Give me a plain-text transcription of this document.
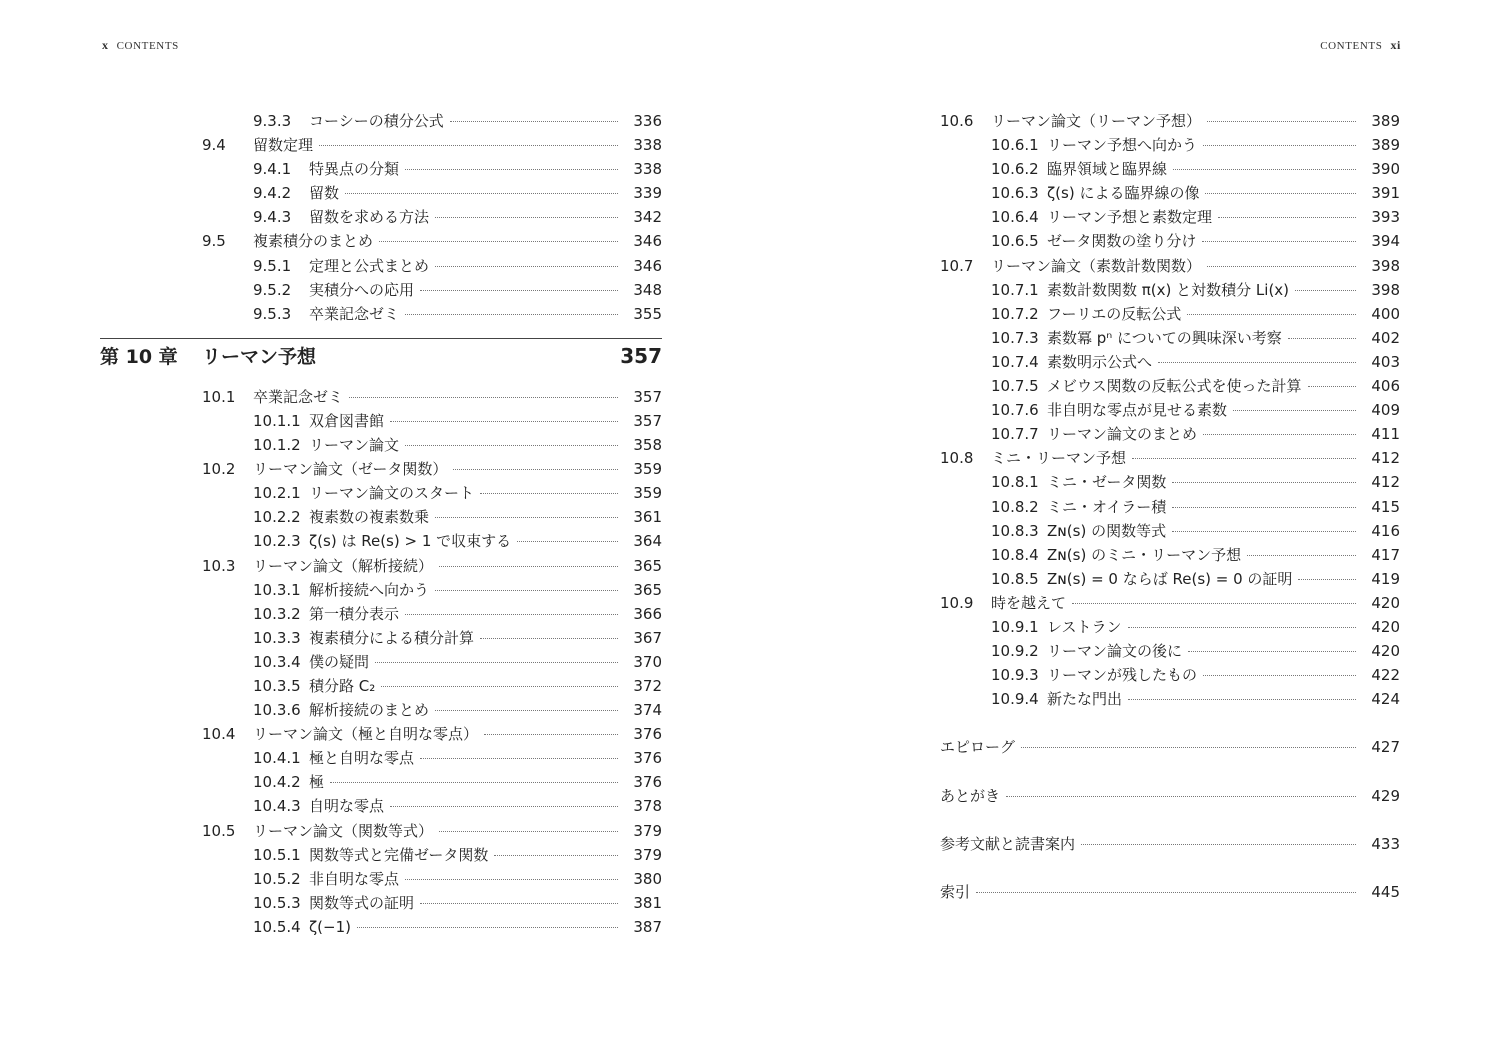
x CONTENTS	CONTENTS xi
9.3.3	コーシーの積分公式	336
9.4	留数定理	338
9.4.1	特異点の分類	338
9.4.2	留数	339
9.4.3	留数を求める方法	342
9.5	複素積分のまとめ	346
9.5.1	定理と公式まとめ	346
9.5.2	実積分への応用	348
9.5.3	卒業記念ゼミ	355
第 10 章	リーマン予想	357
10.1	卒業記念ゼミ	357
10.1.1 双倉図書館	357
10.1.2 リーマン論文	358
10.2	リーマン論文（ゼータ関数）	359
10.2.1 リーマン論文のスタート	359
10.2.2 複素数の複素数乗	361
10.2.3 ζ(s) は Re(s) > 1 で収束する	364
10.3	リーマン論文（解析接続）	365
10.3.1 解析接続へ向かう	365
10.3.2 第一積分表示	366
10.3.3 複素積分による積分計算	367
10.3.4 僕の疑問	370
10.3.5 積分路 C₂	372
10.3.6 解析接続のまとめ	374
10.4	リーマン論文（極と自明な零点）	376
10.4.1 極と自明な零点	376
10.4.2 極	376
10.4.3 自明な零点	378
10.5	リーマン論文（関数等式）	379
10.5.1 関数等式と完備ゼータ関数	379
10.5.2 非自明な零点	380
10.5.3 関数等式の証明	381
10.5.4 ζ(−1)	387
10.6	リーマン論文（リーマン予想）	389
10.6.1 リーマン予想へ向かう	389
10.6.2 臨界領域と臨界線	390
10.6.3 ζ(s) による臨界線の像	391
10.6.4 リーマン予想と素数定理	393
10.6.5 ゼータ関数の塗り分け	394
10.7	リーマン論文（素数計数関数）	398
10.7.1 素数計数関数 π(x) と対数積分 Li(x)	398
10.7.2 フーリエの反転公式	400
10.7.3 素数冪 pⁿ についての興味深い考察	402
10.7.4 素数明示公式へ	403
10.7.5 メビウス関数の反転公式を使った計算	406
10.7.6 非自明な零点が見せる素数	409
10.7.7 リーマン論文のまとめ	411
10.8	ミニ・リーマン予想	412
10.8.1 ミニ・ゼータ関数	412
10.8.2 ミニ・オイラー積	415
10.8.3 Zɴ(s) の関数等式	416
10.8.4 Zɴ(s) のミニ・リーマン予想	417
10.8.5 Zɴ(s) = 0 ならば Re(s) = 0 の証明	419
10.9	時を越えて	420
10.9.1 レストラン	420
10.9.2 リーマン論文の後に	420
10.9.3 リーマンが残したもの	422
10.9.4 新たな門出	424
エピローグ	427
あとがき	429
参考文献と読書案内	433
索引	445
